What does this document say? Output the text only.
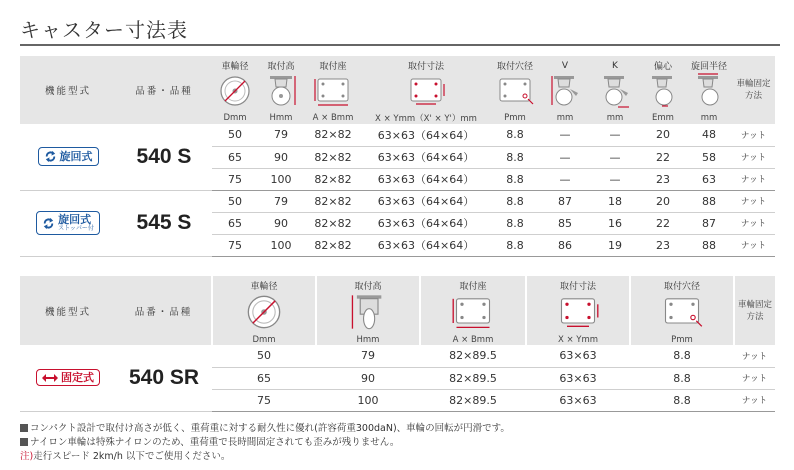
キャスター寸法表
機能型式	品番・品種	車輪径	取付高	取付座	取付寸法	取付穴径	V	K	偏心	旋回半径	車輪固定方法

		Dmm	Hmm	A × Bmm	X × Ymm（X' × Y'）mm	Pmm	mm	mm	Emm	mm	

旋回式	540 S	50	79	82×82	63×63（64×64）	8.8	—	—	20	48	ナット
		65	90	82×82	63×63（64×64）	8.8	—	—	22	58	ナット
		75	100	82×82	63×63（64×64）	8.8	—	—	23	63	ナット

旋回式
ストッパー付	545 S	50	79	82×82	63×63（64×64）	8.8	87	18	20	88	ナット
		65	90	82×82	63×63（64×64）	8.8	85	16	22	87	ナット
		75	100	82×82	63×63（64×64）	8.8	86	19	23	88	ナット
機能型式	品番・品種	車輪径	取付高	取付座	取付寸法	取付穴径	車輪固定方法

		Dmm	Hmm	A × Bmm	X × Ymm	Pmm	

固定式	540 SR	50	79	82×89.5	63×63	8.8	ナット
		65	90	82×89.5	63×63	8.8	ナット
		75	100	82×89.5	63×63	8.8	ナット
コンパクト設計で取付け高さが低く、重荷重に対する耐久性に優れ(許容荷重300daN)、車輪の回転が円滑です。
ナイロン車輪は特殊ナイロンのため、重荷重で長時間固定されても歪みが残りません。
注)走行スピード 2km/h 以下でご使用ください。
